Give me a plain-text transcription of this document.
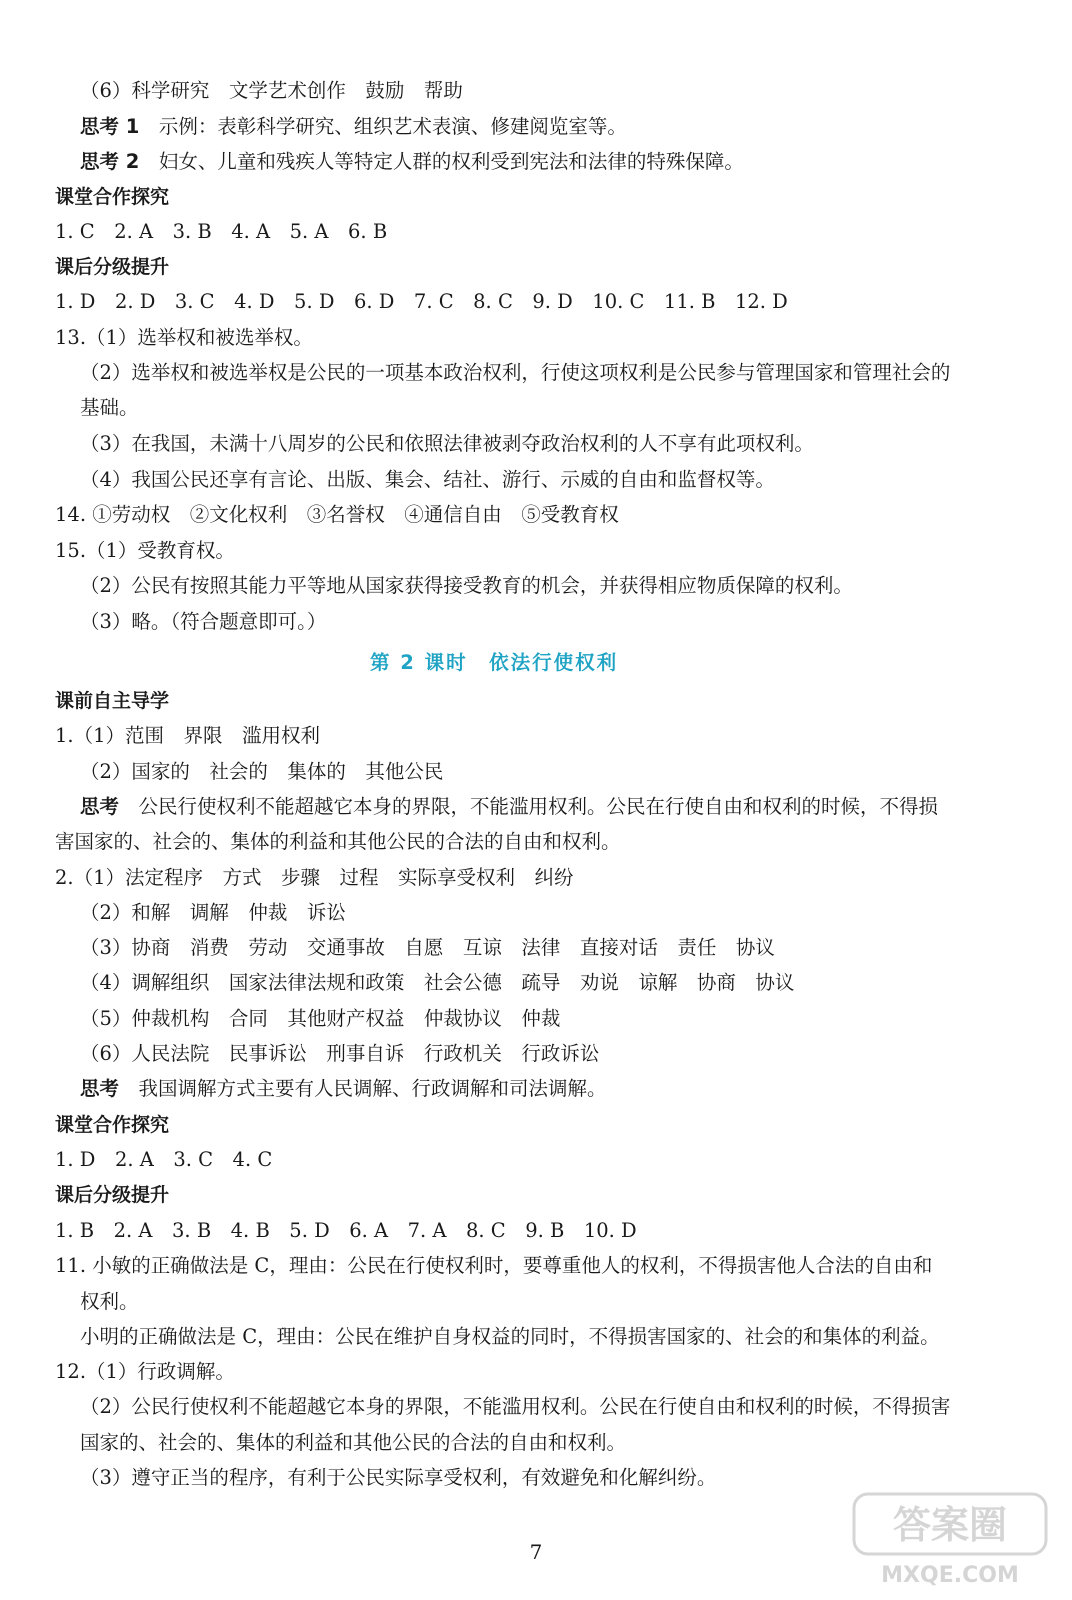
（6）科学研究　文学艺术创作　鼓励　帮助
思考 1　 示例：表彰科学研究、组织艺术表演、修建阅览室等。
思考 2　 妇女、儿童和残疾人等特定人群的权利受到宪法和法律的特殊保障。
课堂合作探究
1. C　2. A　3. B　4. A　5. A　6. B
课后分级提升
1. D　2. D　3. C　4. D　5. D　6. D　7. C　8. C　9. D　10. C　11. B　12. D
13.（1）选举权和被选举权。
（2）选举权和被选举权是公民的一项基本政治权利，行使这项权利是公民参与管理国家和管理社会的
基础。
（3）在我国，未满十八周岁的公民和依照法律被剥夺政治权利的人不享有此项权利。
（4）我国公民还享有言论、出版、集会、结社、游行、示威的自由和监督权等。
14. ①劳动权　②文化权利　③名誉权　④通信自由　⑤受教育权
15.（1）受教育权。
（2）公民有按照其能力平等地从国家获得接受教育的机会，并获得相应物质保障的权利。
（3）略。（符合题意即可。）
第 2 课时　依法行使权利
课前自主导学
1.（1）范围　界限　滥用权利
（2）国家的　社会的　集体的　其他公民
思考　 公民行使权利不能超越它本身的界限，不能滥用权利。公民在行使自由和权利的时候，不得损
害国家的、社会的、集体的利益和其他公民的合法的自由和权利。
2.（1）法定程序　方式　步骤　过程　实际享受权利　纠纷
（2）和解　调解　仲裁　诉讼
（3）协商　消费　劳动　交通事故　自愿　互谅　法律　直接对话　责任　协议
（4）调解组织　国家法律法规和政策　社会公德　疏导　劝说　谅解　协商　协议
（5）仲裁机构　合同　其他财产权益　仲裁协议　仲裁
（6）人民法院　民事诉讼　刑事自诉　行政机关　行政诉讼
思考　 我国调解方式主要有人民调解、行政调解和司法调解。
课堂合作探究
1. D　2. A　3. C　4. C
课后分级提升
1. B　2. A　3. B　4. B　5. D　6. A　7. A　8. C　9. B　10. D
11. 小敏的正确做法是 C，理由：公民在行使权利时，要尊重他人的权利，不得损害他人合法的自由和
权利。
小明的正确做法是 C，理由：公民在维护自身权益的同时，不得损害国家的、社会的和集体的利益。
12.（1）行政调解。
（2）公民行使权利不能超越它本身的界限，不能滥用权利。公民在行使自由和权利的时候，不得损害
国家的、社会的、集体的利益和其他公民的合法的自由和权利。
（3）遵守正当的程序，有利于公民实际享受权利，有效避免和化解纠纷。
7
答案圈
MXQE.COM
